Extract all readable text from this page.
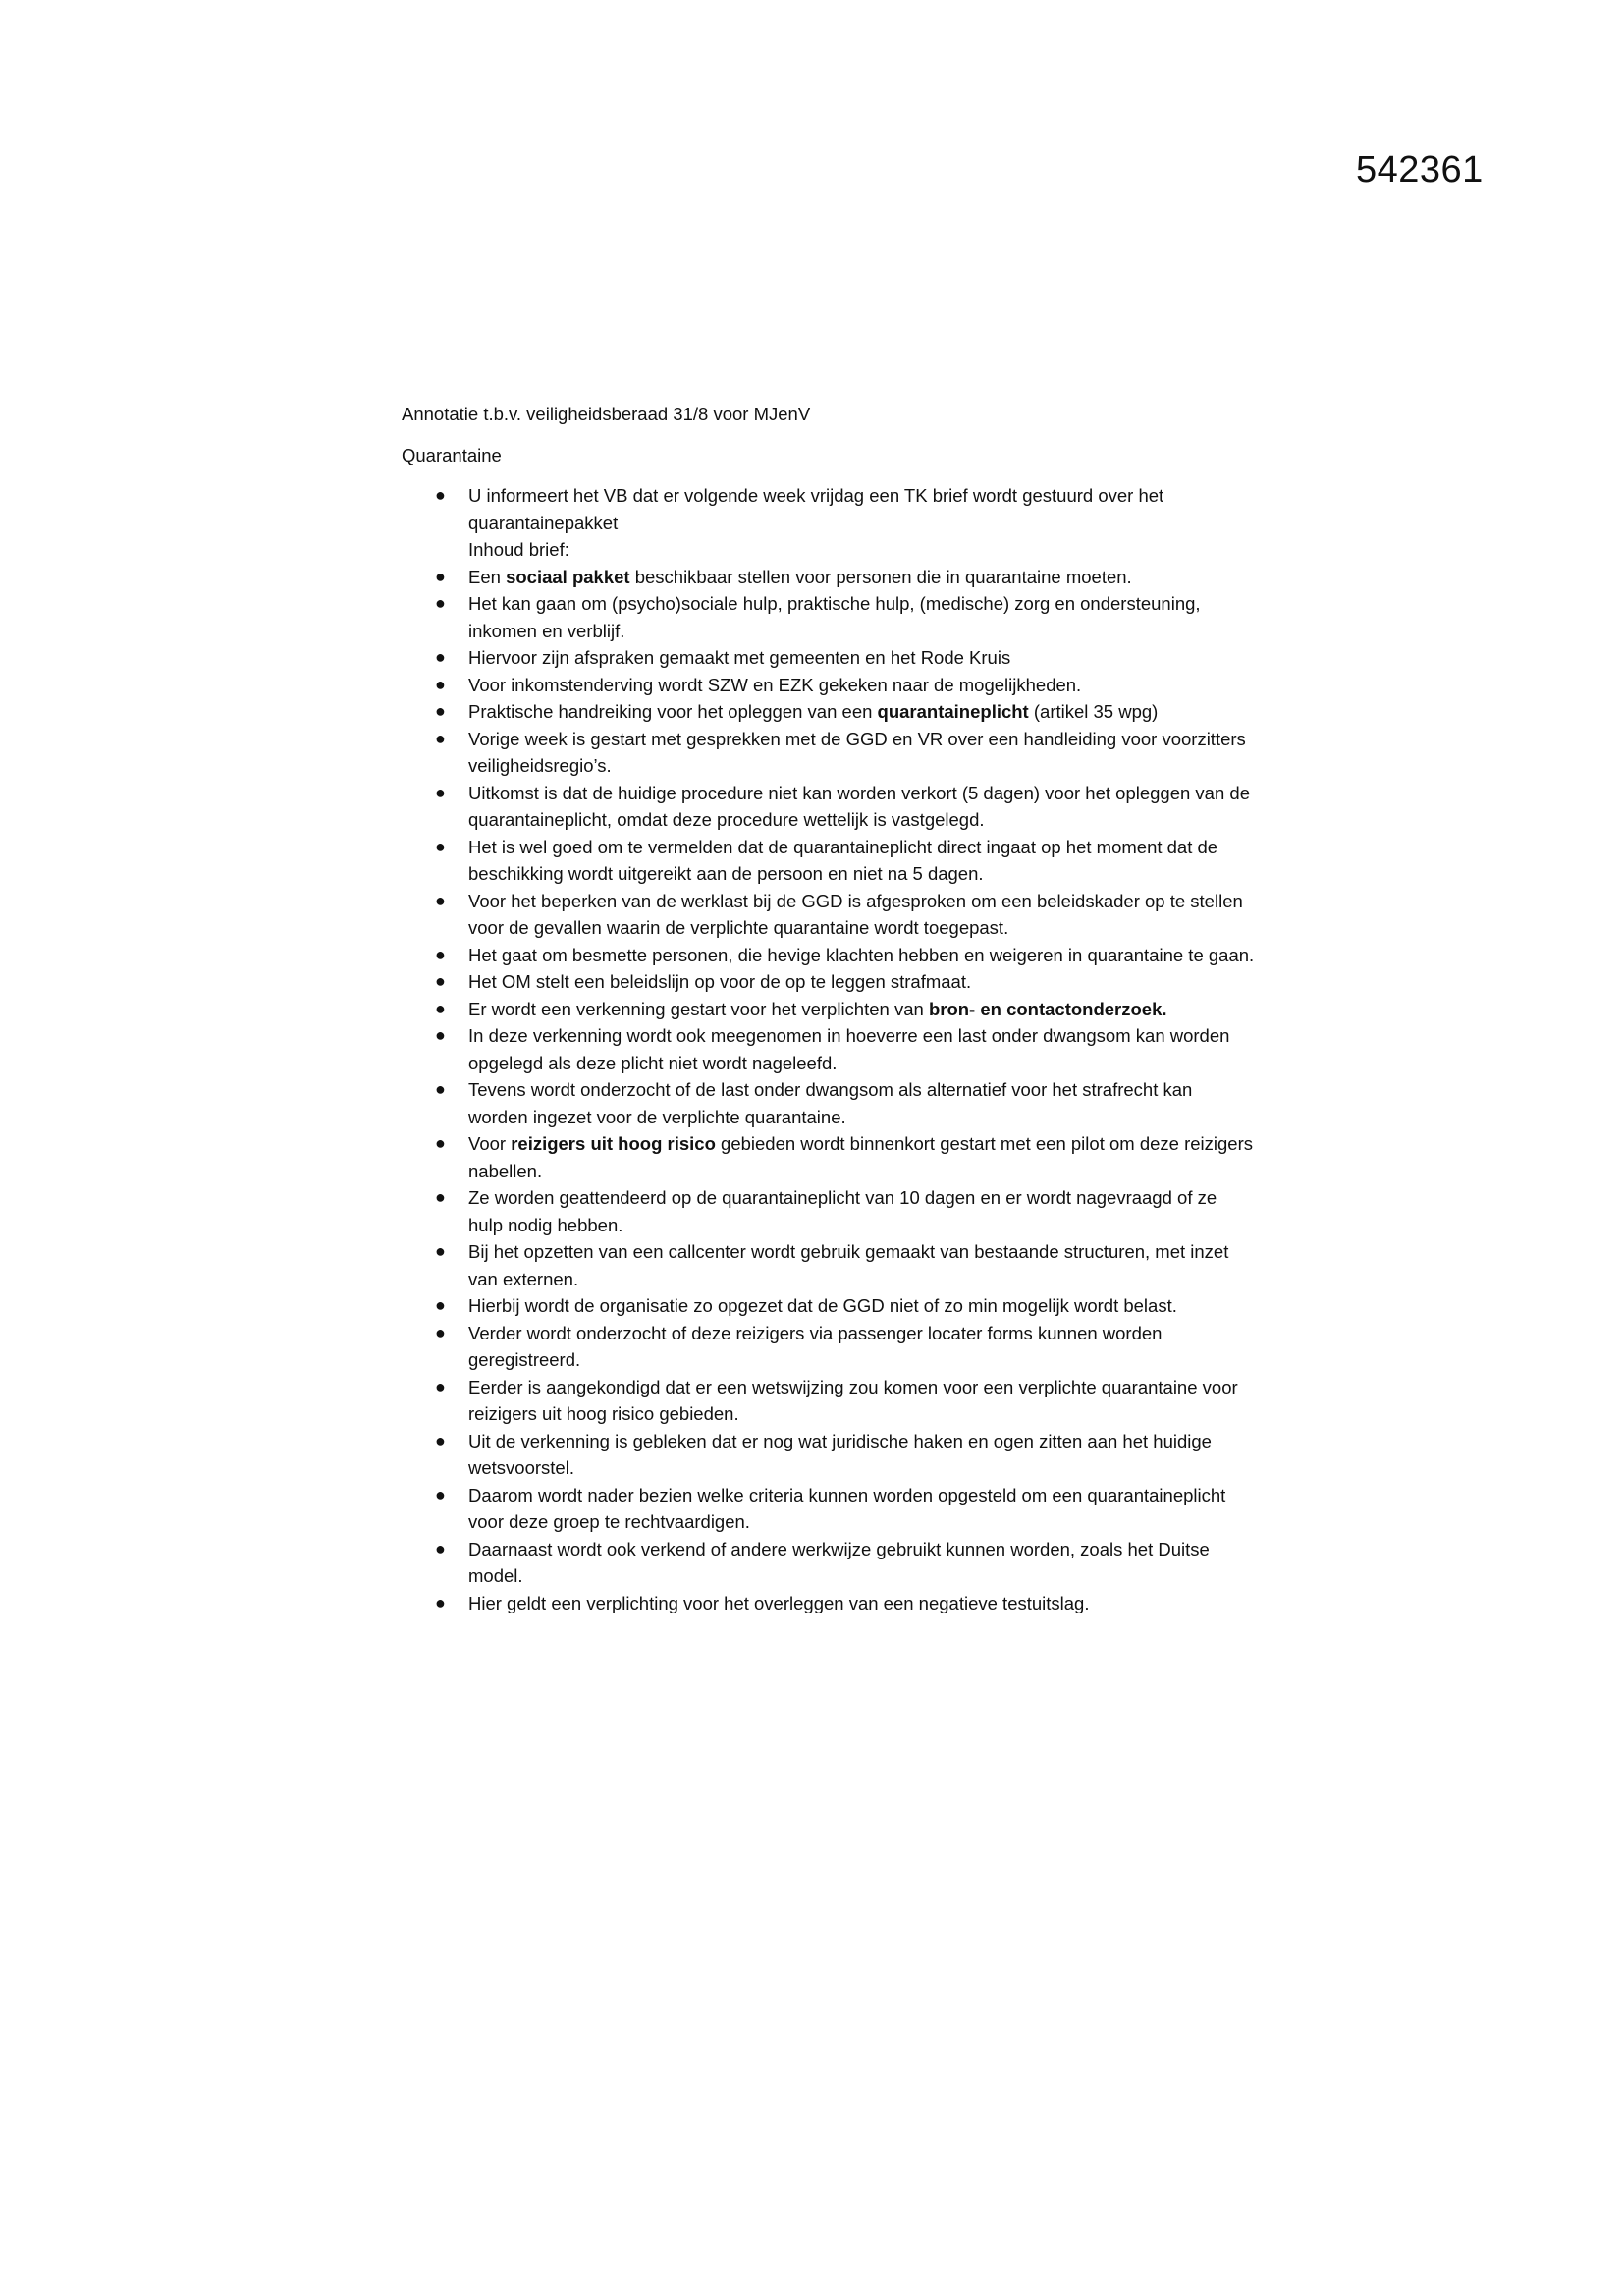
542361
Annotatie t.b.v. veiligheidsberaad 31/8 voor MJenV
Quarantaine
● U informeert het VB dat er volgende week vrijdag een TK brief wordt gestuurd over het quarantainepakket
Inhoud brief:
● Een sociaal pakket beschikbaar stellen voor personen die in quarantaine moeten.
● Het kan gaan om (psycho)sociale hulp, praktische hulp, (medische) zorg en ondersteuning, inkomen en verblijf.
● Hiervoor zijn afspraken gemaakt met gemeenten en het Rode Kruis
● Voor inkomstenderving wordt SZW en EZK gekeken naar de mogelijkheden.
● Praktische handreiking voor het opleggen van een quarantaineplicht (artikel 35 wpg)
● Vorige week is gestart met gesprekken met de GGD en VR over een handleiding voor voorzitters veiligheidsregio’s.
● Uitkomst is dat de huidige procedure niet kan worden verkort (5 dagen) voor het opleggen van de quarantaineplicht, omdat deze procedure wettelijk is vastgelegd.
● Het is wel goed om te vermelden dat de quarantaineplicht direct ingaat op het moment dat de beschikking wordt uitgereikt aan de persoon en niet na 5 dagen.
● Voor het beperken van de werklast bij de GGD is afgesproken om een beleidskader op te stellen voor de gevallen waarin de verplichte quarantaine wordt toegepast.
● Het gaat om besmette personen, die hevige klachten hebben en weigeren in quarantaine te gaan.
● Het OM stelt een beleidslijn op voor de op te leggen strafmaat.
● Er wordt een verkenning gestart voor het verplichten van bron- en contactonderzoek.
● In deze verkenning wordt ook meegenomen in hoeverre een last onder dwangsom kan worden opgelegd als deze plicht niet wordt nageleefd.
● Tevens wordt onderzocht of de last onder dwangsom als alternatief voor het strafrecht kan worden ingezet voor de verplichte quarantaine.
● Voor reizigers uit hoog risico gebieden wordt binnenkort gestart met een pilot om deze reizigers nabellen.
● Ze worden geattendeerd op de quarantaineplicht van 10 dagen en er wordt nagevraagd of ze hulp nodig hebben.
● Bij het opzetten van een callcenter wordt gebruik gemaakt van bestaande structuren, met inzet van externen.
● Hierbij wordt de organisatie zo opgezet dat de GGD niet of zo min mogelijk wordt belast.
● Verder wordt onderzocht of deze reizigers via passenger locater forms kunnen worden geregistreerd.
● Eerder is aangekondigd dat er een wetswijzing zou komen voor een verplichte quarantaine voor reizigers uit hoog risico gebieden.
● Uit de verkenning is gebleken dat er nog wat juridische haken en ogen zitten aan het huidige wetsvoorstel.
● Daarom wordt nader bezien welke criteria kunnen worden opgesteld om een quarantaineplicht voor deze groep te rechtvaardigen.
● Daarnaast wordt ook verkend of andere werkwijze gebruikt kunnen worden, zoals het Duitse model.
● Hier geldt een verplichting voor het overleggen van een negatieve testuitslag.
